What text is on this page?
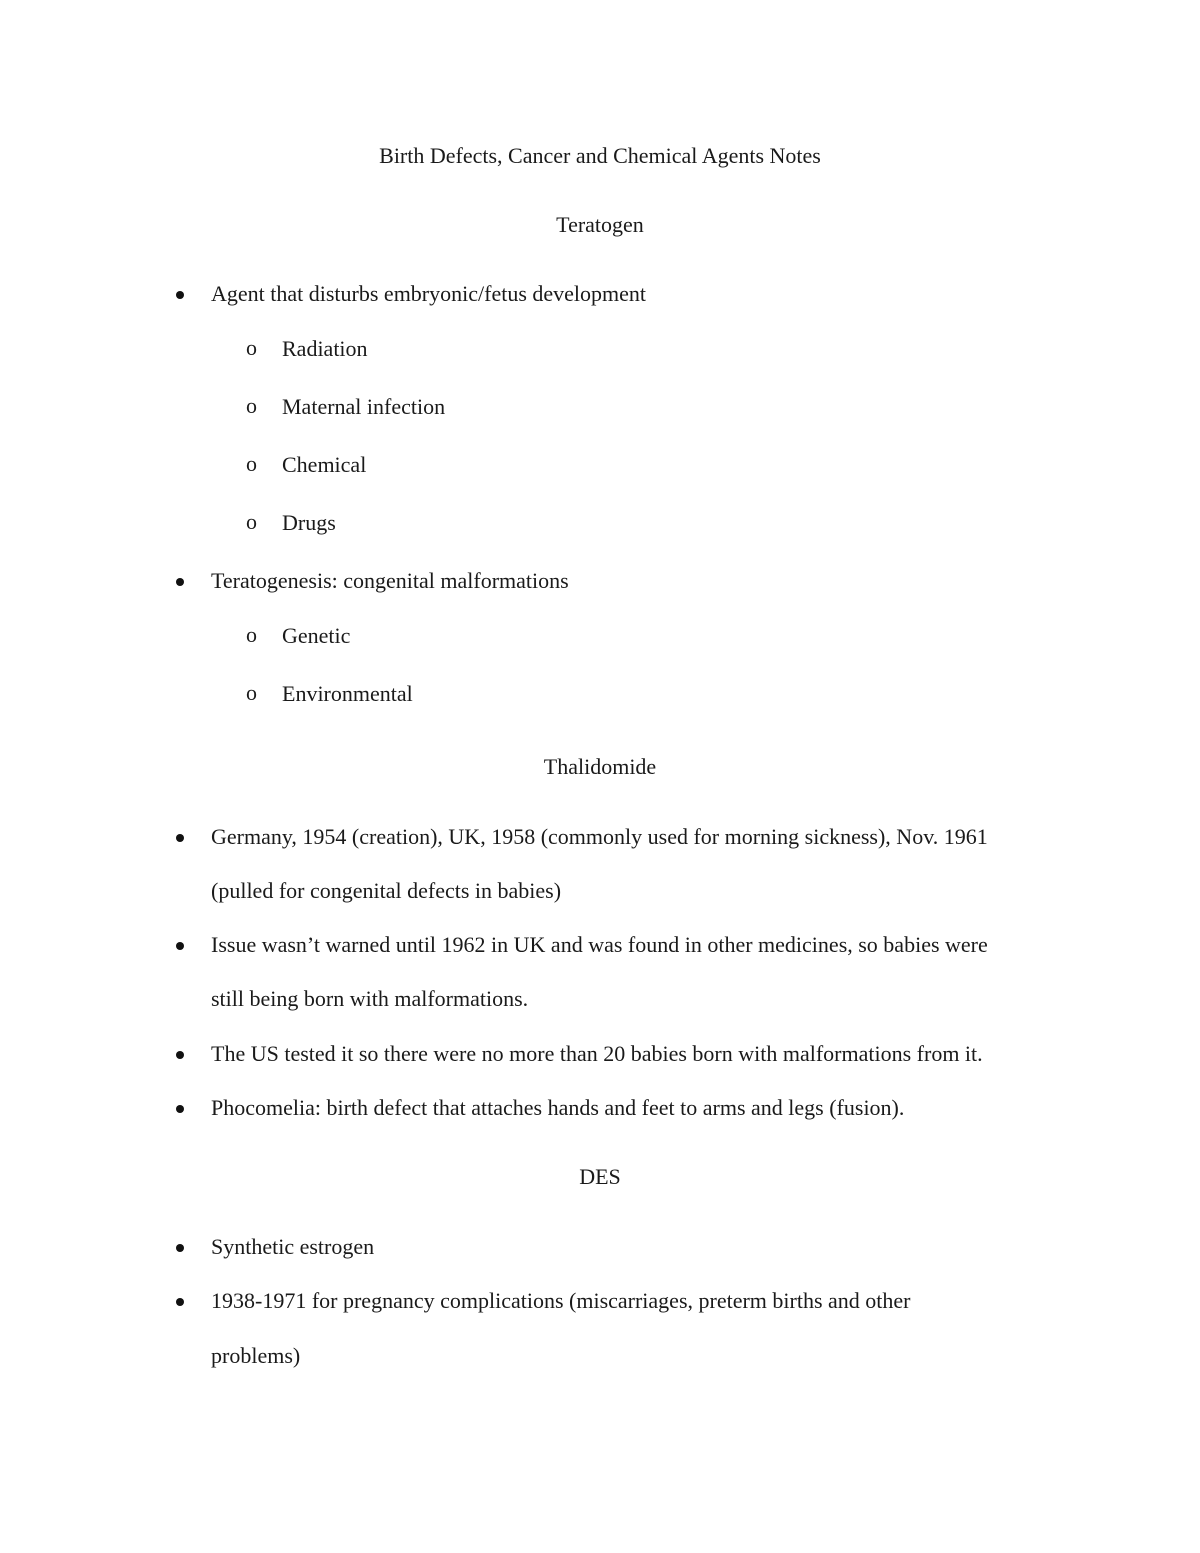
Birth Defects, Cancer and Chemical Agents Notes
Teratogen
Agent that disturbs embryonic/fetus development
o Radiation
o Maternal infection
o Chemical
o Drugs
Teratogenesis: congenital malformations
o Genetic
o Environmental
Thalidomide
Germany, 1954 (creation), UK, 1958 (commonly used for morning sickness), Nov. 1961
(pulled for congenital defects in babies)
Issue wasn’t warned until 1962 in UK and was found in other medicines, so babies were
still being born with malformations.
The US tested it so there were no more than 20 babies born with malformations from it.
Phocomelia: birth defect that attaches hands and feet to arms and legs (fusion).
DES
Synthetic estrogen
1938-1971 for pregnancy complications (miscarriages, preterm births and other
problems)
